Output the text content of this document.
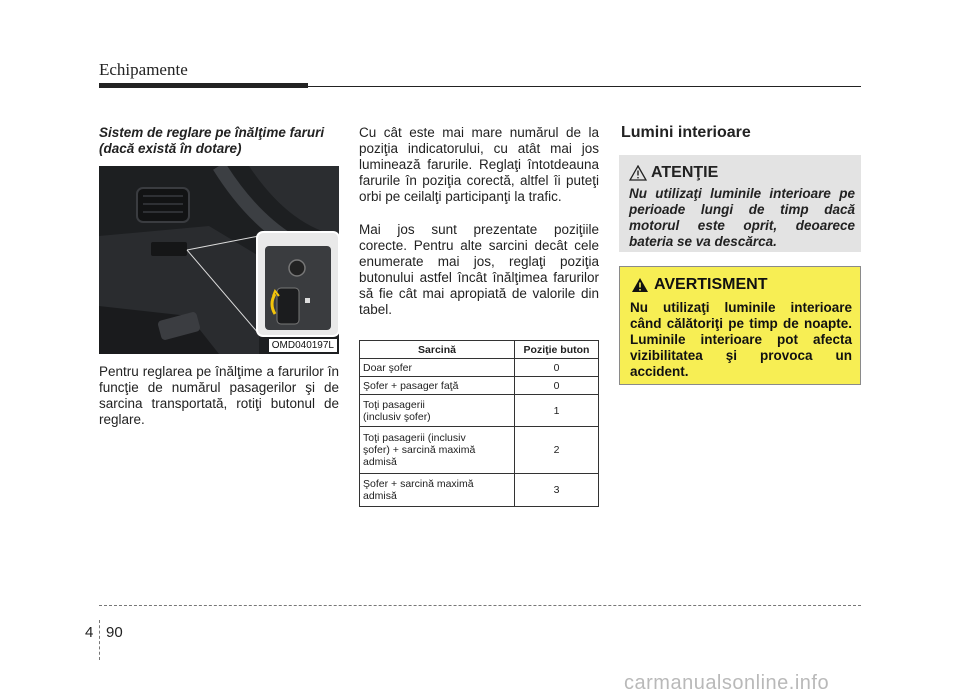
Echipamente
Sistem de reglare pe înălţime faruri (dacă există în dotare)
OMD040197L
Pentru reglarea pe înălţime a farurilor în funcţie de numărul pasagerilor şi de sarcina transportată, rotiţi butonul de reglare.
Cu cât este mai mare numărul de la poziţia indicatorului, cu atât mai jos luminează farurile. Reglaţi întotdeauna farurile în poziţia corectă, altfel îi puteţi orbi pe ceilalţi participanţi la trafic.
Mai jos sunt prezentate poziţiile corecte. Pentru alte sarcini decât cele enumerate mai jos, reglaţi poziţia butonului astfel încât înălţimea farurilor să fie cât mai apropiată de valorile din tabel.
Sarcină	Poziţie buton
Doar şofer	0
Şofer + pasager faţă	0
Toţi pasagerii
(inclusiv şofer)	1
Toţi pasagerii (inclusiv
şofer) + sarcină maximă
admisă	2
Şofer + sarcină maximă
admisă	3
Lumini interioare
ATENŢIE
Nu utilizaţi luminile interioare pe perioade lungi de timp dacă motorul este oprit, deoarece bateria se va descărca.
AVERTISMENT
Nu utilizaţi luminile interioare când călătoriţi pe timp de noapte. Luminile interioare pot afecta vizibilitatea şi provoca un accident.
4 90
carmanualsonline.info
